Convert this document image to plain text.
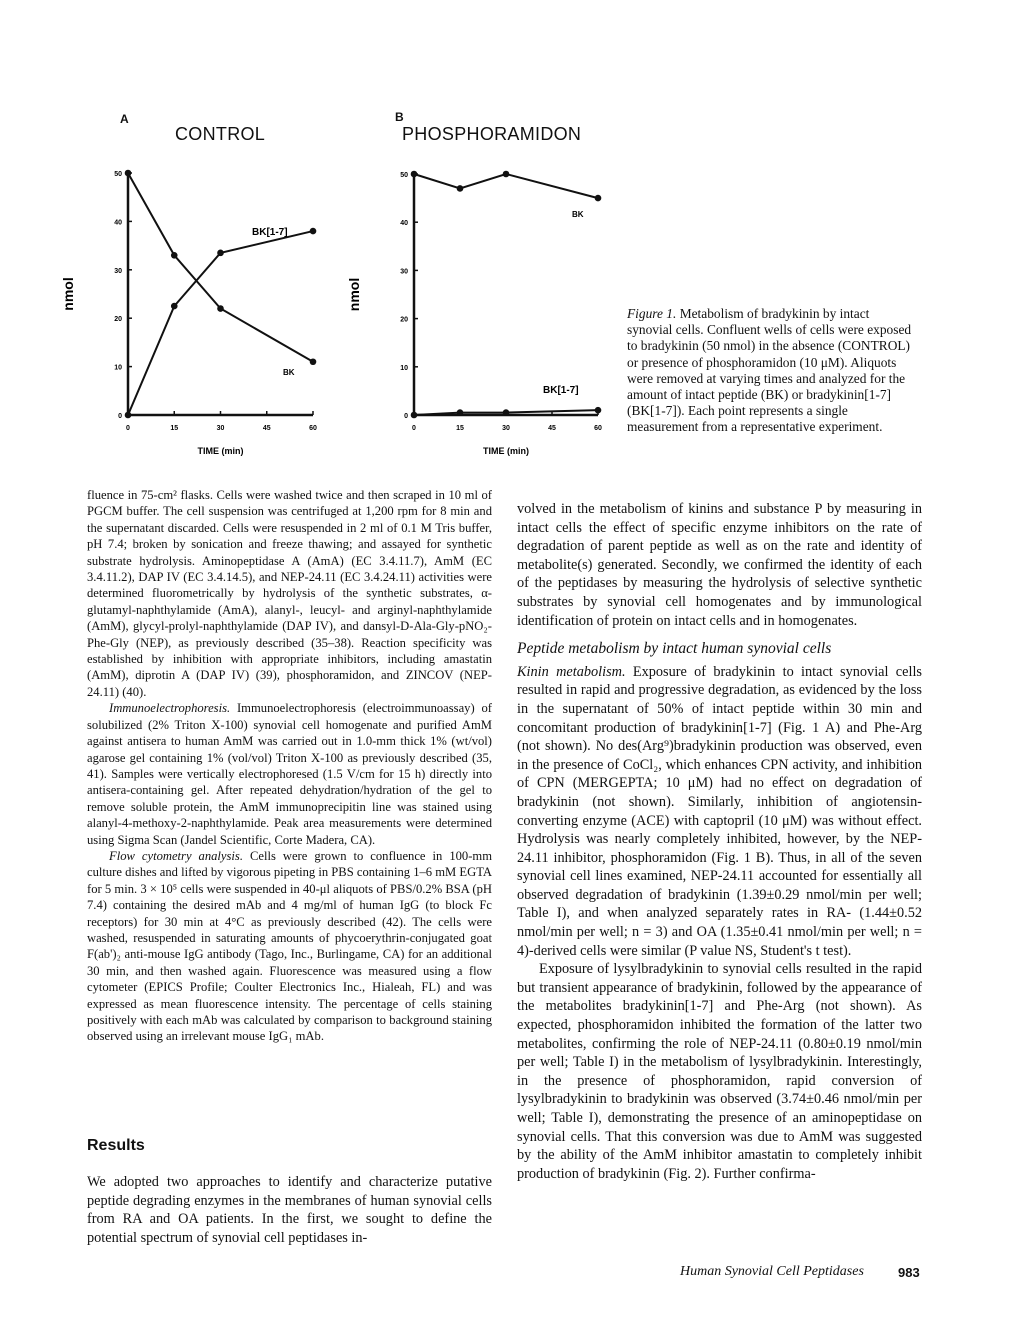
A
CONTROL
B
PHOSPHORAMIDON
0
10
20
30
40
50
0	15	30	45	60
TIME (min)
nmol
BK
BK[1-7]
0
10
20
30
40
50
0	15	30	45	60
TIME (min)
nmol
BK
BK[1-7]
Figure 1. Metabolism of bradykinin by intact synovial cells. Confluent wells of cells were exposed to bradykinin (50 nmol) in the absence (CONTROL) or presence of phosphoramidon (10 μM). Aliquots were removed at varying times and analyzed for the amount of intact peptide (BK) or bradykinin[1-7] (BK[1-7]). Each point represents a single measurement from a representative experiment.

fluence in 75-cm² flasks. Cells were washed twice and then scraped in 10 ml of PGCM buffer. The cell suspension was centrifuged at 1,200 rpm for 8 min and the supernatant discarded. Cells were resuspended in 2 ml of 0.1 M Tris buffer, pH 7.4; broken by sonication and freeze thawing; and assayed for synthetic substrate hydrolysis. Aminopeptidase A (AmA) (EC 3.4.11.7), AmM (EC 3.4.11.2), DAP IV (EC 3.4.14.5), and NEP-24.11 (EC 3.4.24.11) activities were determined fluorometrically by hydrolysis of the synthetic substrates, α-glutamyl-naphthylamide (AmA), alanyl-, leucyl- and arginyl-naphthylamide (AmM), glycyl-prolyl-naphthylamide (DAP IV), and dansyl-D-Ala-Gly-pNO₂-Phe-Gly (NEP), as previously described (35–38). Reaction specificity was established by inhibition with appropriate inhibitors, including amastatin (AmM), diprotin A (DAP IV) (39), phosphoramidon, and ZINCOV (NEP-24.11) (40).

Immunoelectrophoresis. Immunoelectrophoresis (electroimmunoassay) of solubilized (2% Triton X-100) synovial cell homogenate and purified AmM against antisera to human AmM was carried out in 1.0-mm thick 1% (wt/vol) agarose gel containing 1% (vol/vol) Triton X-100 as previously described (35, 41). Samples were vertically electrophoresed (1.5 V/cm for 15 h) directly into antisera-containing gel. After repeated dehydration/hydration of the gel to remove soluble protein, the AmM immunoprecipitin line was stained using alanyl-4-methoxy-2-naphthylamide. Peak area measurements were determined using Sigma Scan (Jandel Scientific, Corte Madera, CA).

Flow cytometry analysis. Cells were grown to confluence in 100-mm culture dishes and lifted by vigorous pipeting in PBS containing 1–6 mM EGTA for 5 min. 3 × 10⁵ cells were suspended in 40-μl aliquots of PBS/0.2% BSA (pH 7.4) containing the desired mAb and 4 mg/ml of human IgG (to block Fc receptors) for 30 min at 4°C as previously described (42). The cells were washed, resuspended in saturating amounts of phycoerythrin-conjugated goat F(ab')₂ anti-mouse IgG antibody (Tago, Inc., Burlingame, CA) for an additional 30 min, and then washed again. Fluorescence was measured using a flow cytometer (EPICS Profile; Coulter Electronics Inc., Hialeah, FL) and was expressed as mean fluorescence intensity. The percentage of cells staining positively with each mAb was calculated by comparison to background staining observed using an irrelevant mouse IgG₁ mAb.

Results
We adopted two approaches to identify and characterize putative peptide degrading enzymes in the membranes of human synovial cells from RA and OA patients. In the first, we sought to define the potential spectrum of synovial cell peptidases in-

volved in the metabolism of kinins and substance P by measuring in intact cells the effect of specific enzyme inhibitors on the rate of degradation of parent peptide as well as on the rate and identity of metabolite(s) generated. Secondly, we confirmed the identity of each of the peptidases by measuring the hydrolysis of selective synthetic substrates by synovial cell homogenates and by immunological identification of protein on intact cells and in homogenates.

Peptide metabolism by intact human synovial cells

Kinin metabolism. Exposure of bradykinin to intact synovial cells resulted in rapid and progressive degradation, as evidenced by the loss in the supernatant of 50% of intact peptide within 30 min and concomitant production of bradykinin[1-7] (Fig. 1 A) and Phe-Arg (not shown). No des(Arg⁹)bradykinin production was observed, even in the presence of CoCl₂, which enhances CPN activity, and inhibition of CPN (MERGEPTA; 10 μM) had no effect on degradation of bradykinin (not shown). Similarly, inhibition of angiotensin-converting enzyme (ACE) with captopril (10 μM) was without effect. Hydrolysis was nearly completely inhibited, however, by the NEP-24.11 inhibitor, phosphoramidon (Fig. 1 B). Thus, in all of the seven synovial cell lines examined, NEP-24.11 accounted for essentially all observed degradation of bradykinin (1.39±0.29 nmol/min per well; Table I), and when analyzed separately rates in RA- (1.44±0.52 nmol/min per well; n = 3) and OA (1.35±0.41 nmol/min per well; n = 4)-derived cells were similar (P value NS, Student's t test).

Exposure of lysylbradykinin to synovial cells resulted in the rapid but transient appearance of bradykinin, followed by the appearance of the metabolites bradykinin[1-7] and Phe-Arg (not shown). As expected, phosphoramidon inhibited the formation of the latter two metabolites, confirming the role of NEP-24.11 (0.80±0.19 nmol/min per well; Table I) in the metabolism of lysylbradykinin. Interestingly, in the presence of phosphoramidon, rapid conversion of lysylbradykinin to bradykinin was observed (3.74±0.46 nmol/min per well; Table I), demonstrating the presence of an aminopeptidase on synovial cells. That this conversion was due to AmM was suggested by the ability of the AmM inhibitor amastatin to completely inhibit production of bradykinin (Fig. 2). Further confirma-

Human Synovial Cell Peptidases	983
